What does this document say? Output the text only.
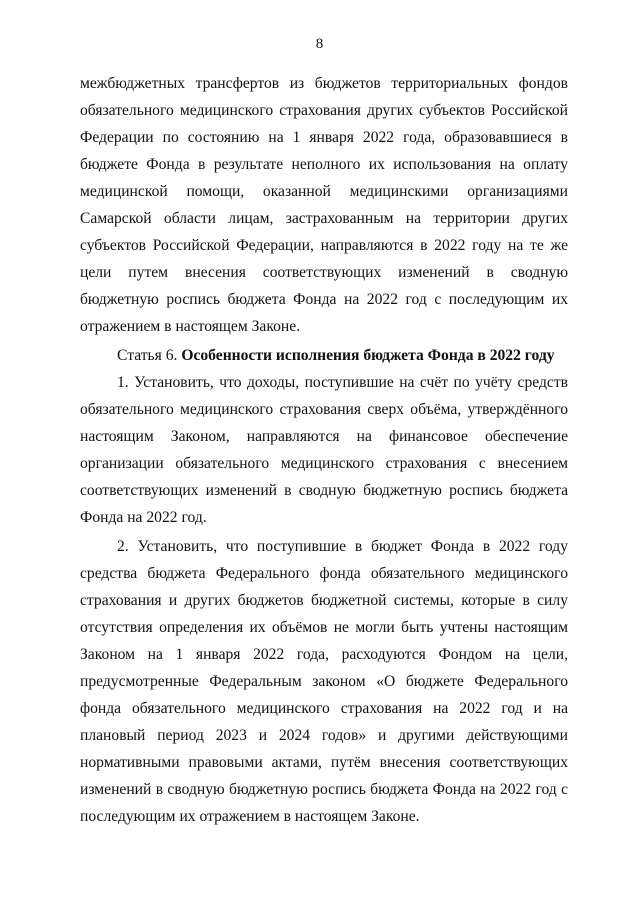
8

межбюджетных трансфертов из бюджетов территориальных фондов обязательного медицинского страхования других субъектов Российской Федерации по состоянию на 1 января 2022 года, образовавшиеся в бюджете Фонда в результате неполного их использования на оплату медицинской помощи, оказанной медицинскими организациями Самарской области лицам, застрахованным на территории других субъектов Российской Федерации, направляются в 2022 году на те же цели путем внесения соответствующих изменений в сводную бюджетную роспись бюджета Фонда на 2022 год с последующим их отражением в настоящем Законе.

Статья 6. Особенности исполнения бюджета Фонда в 2022 году

1. Установить, что доходы, поступившие на счёт по учёту средств обязательного медицинского страхования сверх объёма, утверждённого настоящим Законом, направляются на финансовое обеспечение организации обязательного медицинского страхования с внесением соответствующих изменений в сводную бюджетную роспись бюджета Фонда на 2022 год.

2. Установить, что поступившие в бюджет Фонда в 2022 году средства бюджета Федерального фонда обязательного медицинского страхования и других бюджетов бюджетной системы, которые в силу отсутствия определения их объёмов не могли быть учтены настоящим Законом на 1 января 2022 года, расходуются Фондом на цели, предусмотренные Федеральным законом «О бюджете Федерального фонда обязательного медицинского страхования на 2022 год и на плановый период 2023 и 2024 годов» и другими действующими нормативными правовыми актами, путём внесения соответствующих изменений в сводную бюджетную роспись бюджета Фонда на 2022 год с последующим их отражением в настоящем Законе.
